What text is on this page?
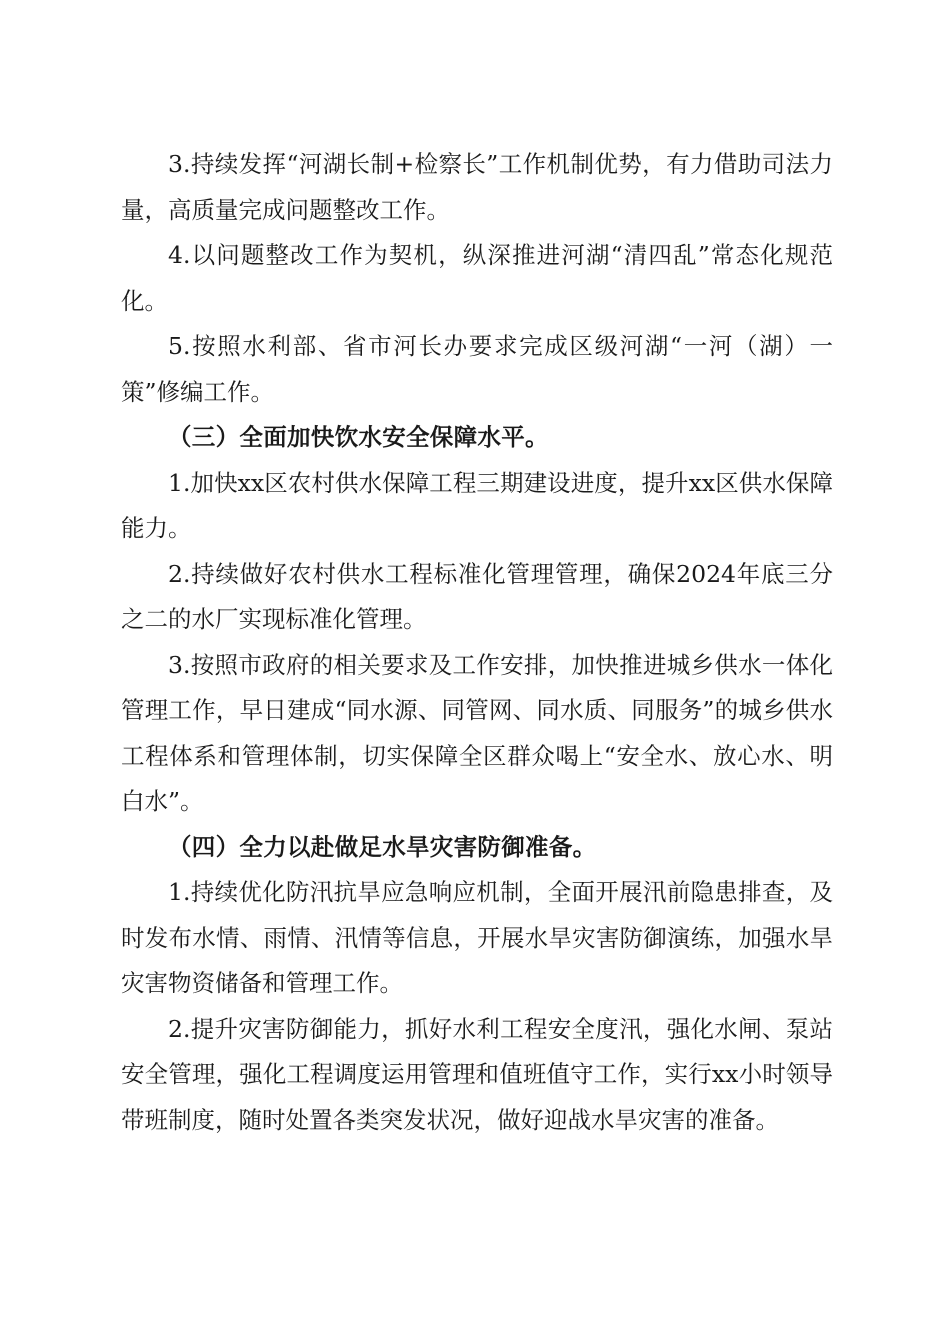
3.持续发挥“河湖长制+检察长”工作机制优势，有力借助司法力量，高质量完成问题整改工作。

4.以问题整改工作为契机，纵深推进河湖“清四乱”常态化规范化。

5.按照水利部、省市河长办要求完成区级河湖“一河（湖）一策”修编工作。

（三）全面加快饮水安全保障水平。

1.加快xx区农村供水保障工程三期建设进度，提升xx区供水保障能力。

2.持续做好农村供水工程标准化管理管理，确保2024年底三分之二的水厂实现标准化管理。

3.按照市政府的相关要求及工作安排，加快推进城乡供水一体化管理工作，早日建成“同水源、同管网、同水质、同服务”的城乡供水工程体系和管理体制，切实保障全区群众喝上“安全水、放心水、明白水”。

（四）全力以赴做足水旱灾害防御准备。

1.持续优化防汛抗旱应急响应机制，全面开展汛前隐患排查，及时发布水情、雨情、汛情等信息，开展水旱灾害防御演练，加强水旱灾害物资储备和管理工作。

2.提升灾害防御能力，抓好水利工程安全度汛，强化水闸、泵站安全管理，强化工程调度运用管理和值班值守工作，实行xx小时领导带班制度，随时处置各类突发状况，做好迎战水旱灾害的准备。
